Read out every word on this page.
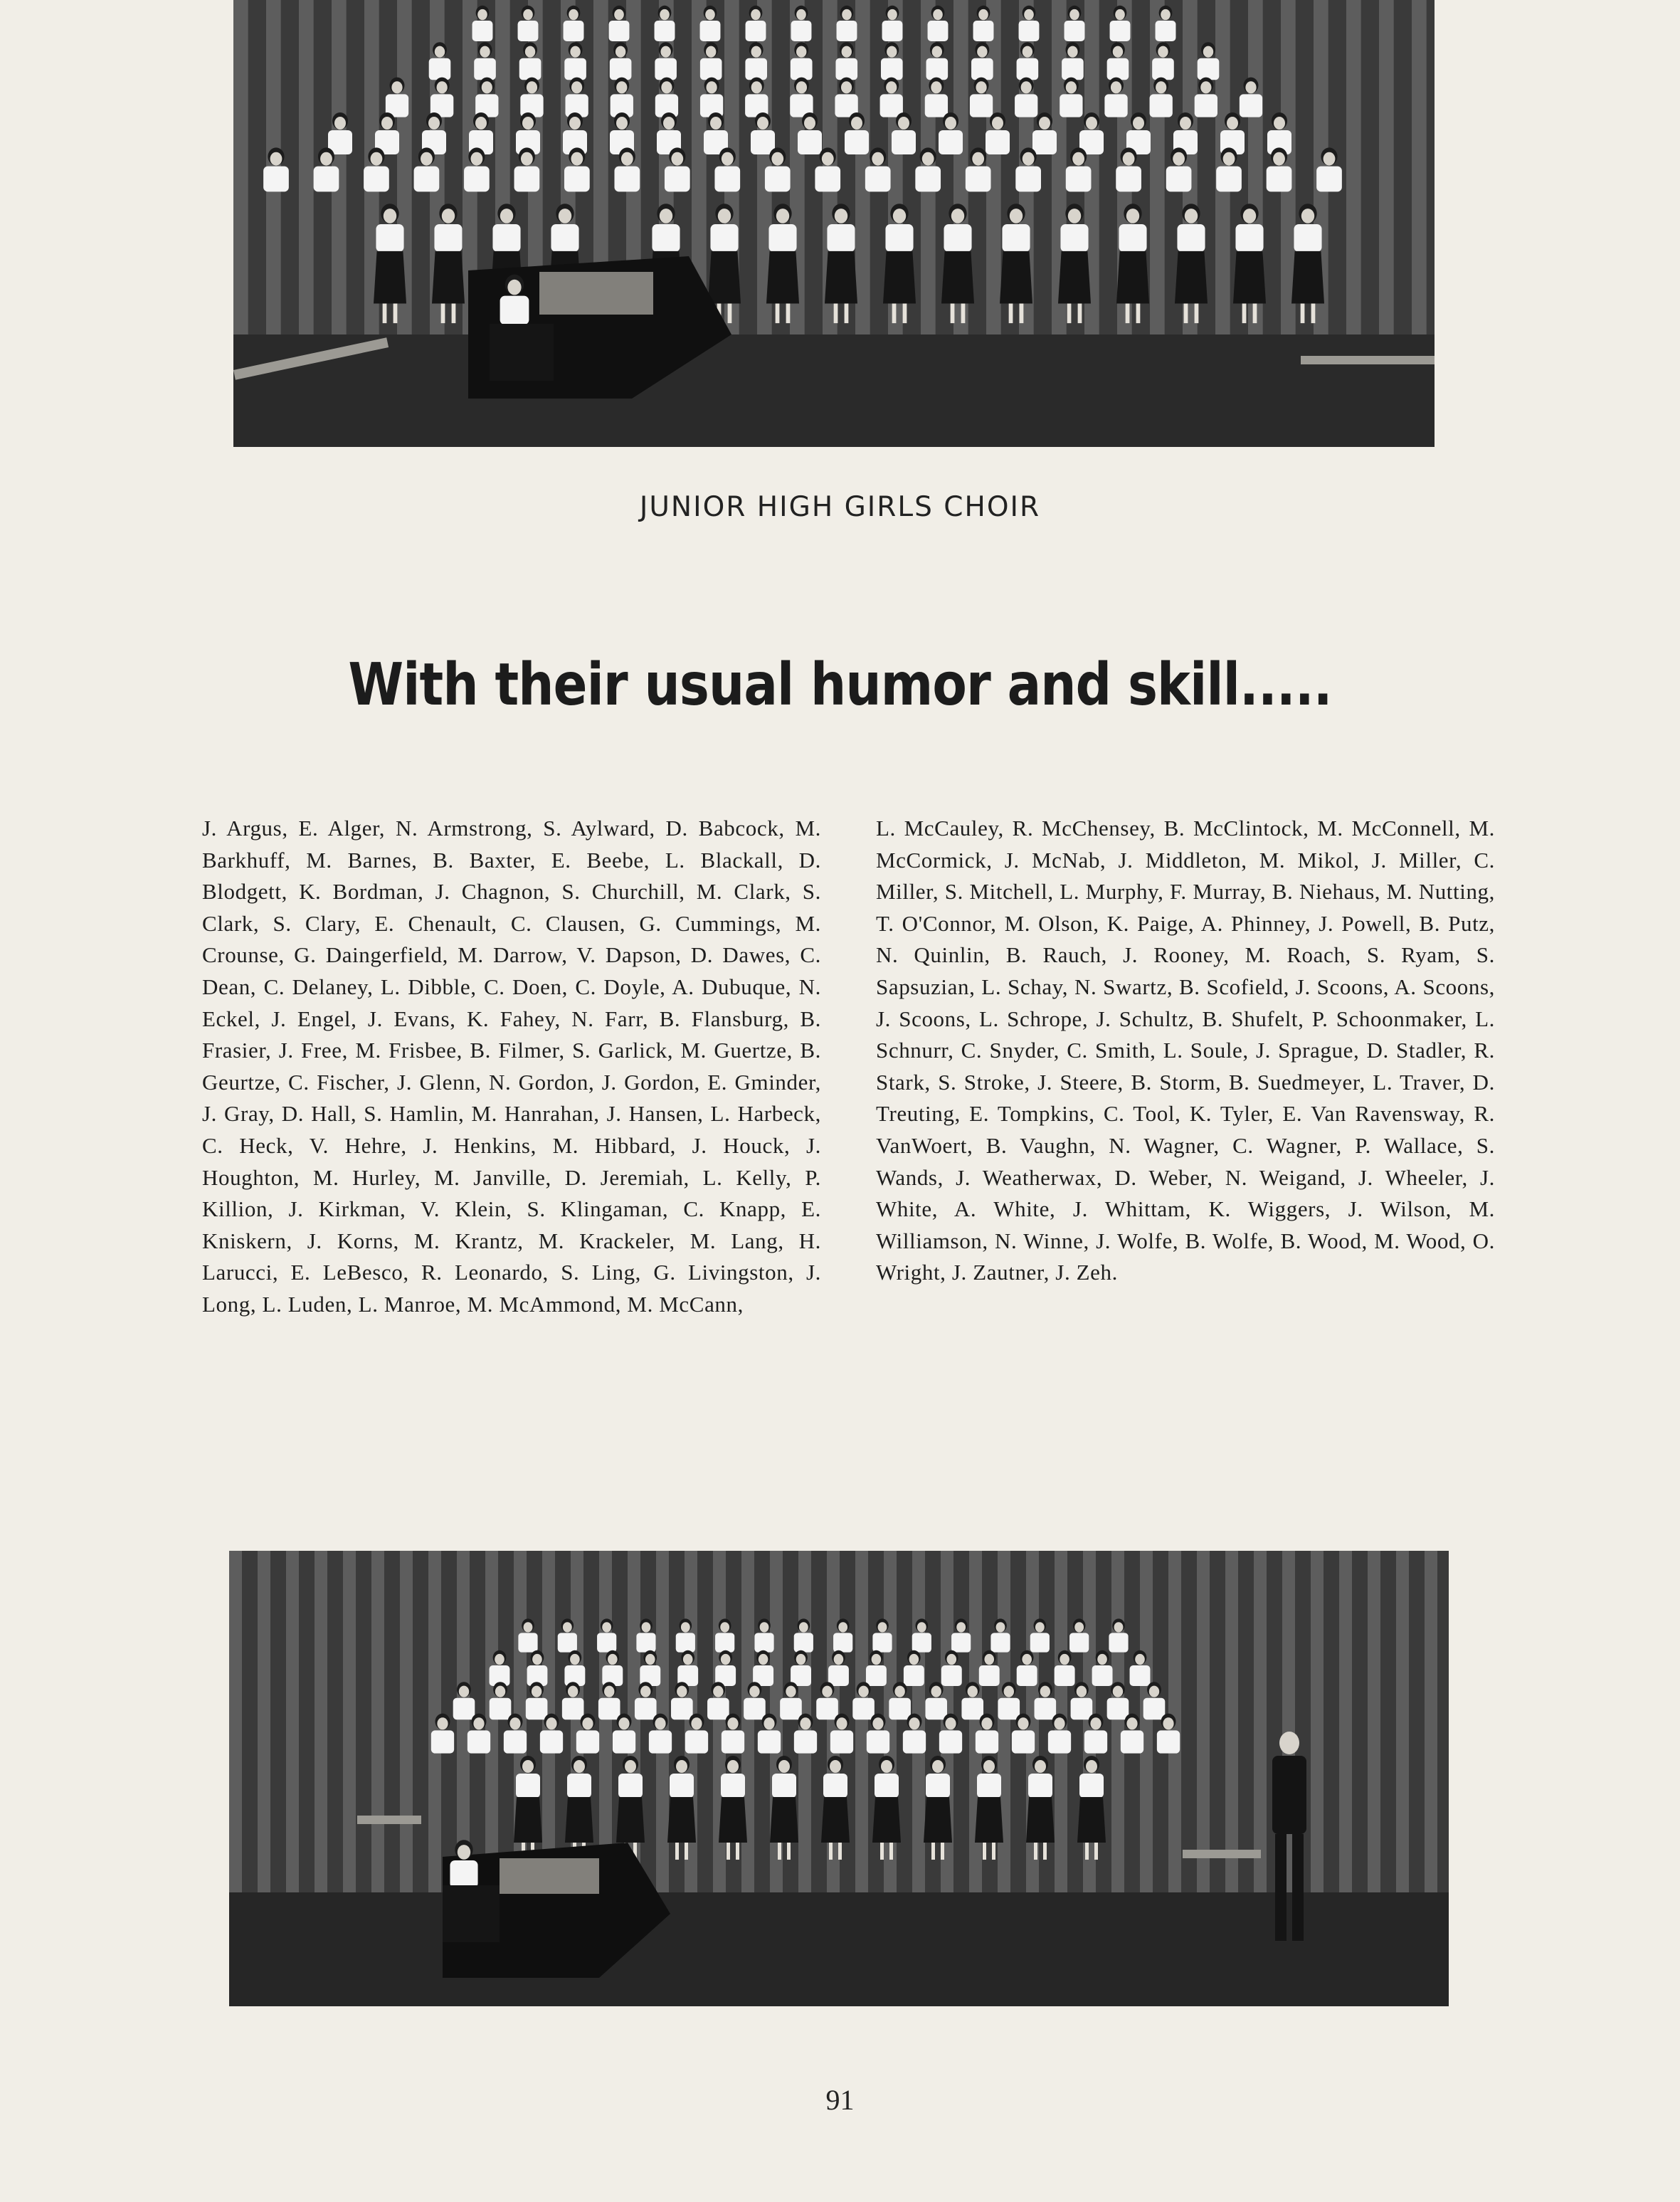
JUNIOR HIGH GIRLS CHOIR
With their usual humor and skill.....
J. Argus, E. Alger, N. Armstrong, S. Aylward, D. Babcock, M. Barkhuff, M. Barnes, B. Baxter, E. Beebe, L. Blackall, D. Blodgett, K. Bordman, J. Chagnon, S. Churchill, M. Clark, S. Clark, S. Clary, E. Chenault, C. Clausen, G. Cummings, M. Crounse, G. Daingerfield, M. Darrow, V. Dapson, D. Dawes, C. Dean, C. Delaney, L. Dibble, C. Doen, C. Doyle, A. Dubuque, N. Eckel, J. Engel, J. Evans, K. Fahey, N. Farr, B. Flansburg, B. Frasier, J. Free, M. Frisbee, B. Filmer, S. Garlick, M. Guertze, B. Geurtze, C. Fischer, J. Glenn, N. Gordon, J. Gordon, E. Gminder, J. Gray, D. Hall, S. Hamlin, M. Hanrahan, J. Hansen, L. Harbeck, C. Heck, V. Hehre, J. Henkins, M. Hibbard, J. Houck, J. Houghton, M. Hurley, M. Janville, D. Jeremiah, L. Kelly, P. Killion, J. Kirkman, V. Klein, S. Klingaman, C. Knapp, E. Kniskern, J. Korns, M. Krantz, M. Krackeler, M. Lang, H. Larucci, E. LeBesco, R. Leonardo, S. Ling, G. Livingston, J. Long, L. Luden, L. Manroe, M. McAmmond, M. McCann,
L. McCauley, R. McChensey, B. McClintock, M. McConnell, M. McCormick, J. McNab, J. Middleton, M. Mikol, J. Miller, C. Miller, S. Mitchell, L. Murphy, F. Murray, B. Niehaus, M. Nutting, T. O'Connor, M. Olson, K. Paige, A. Phinney, J. Powell, B. Putz, N. Quinlin, B. Rauch, J. Rooney, M. Roach, S. Ryam, S. Sapsuzian, L. Schay, N. Swartz, B. Scofield, J. Scoons, A. Scoons, J. Scoons, L. Schrope, J. Schultz, B. Shufelt, P. Schoonmaker, L. Schnurr, C. Snyder, C. Smith, L. Soule, J. Sprague, D. Stadler, R. Stark, S. Stroke, J. Steere, B. Storm, B. Suedmeyer, L. Traver, D. Treuting, E. Tompkins, C. Tool, K. Tyler, E. Van Ravensway, R. VanWoert, B. Vaughn, N. Wagner, C. Wagner, P. Wallace, S. Wands, J. Weatherwax, D. Weber, N. Weigand, J. Wheeler, J. White, A. White, J. Whittam, K. Wiggers, J. Wilson, M. Williamson, N. Winne, J. Wolfe, B. Wolfe, B. Wood, M. Wood, O. Wright, J. Zautner, J. Zeh.
91
